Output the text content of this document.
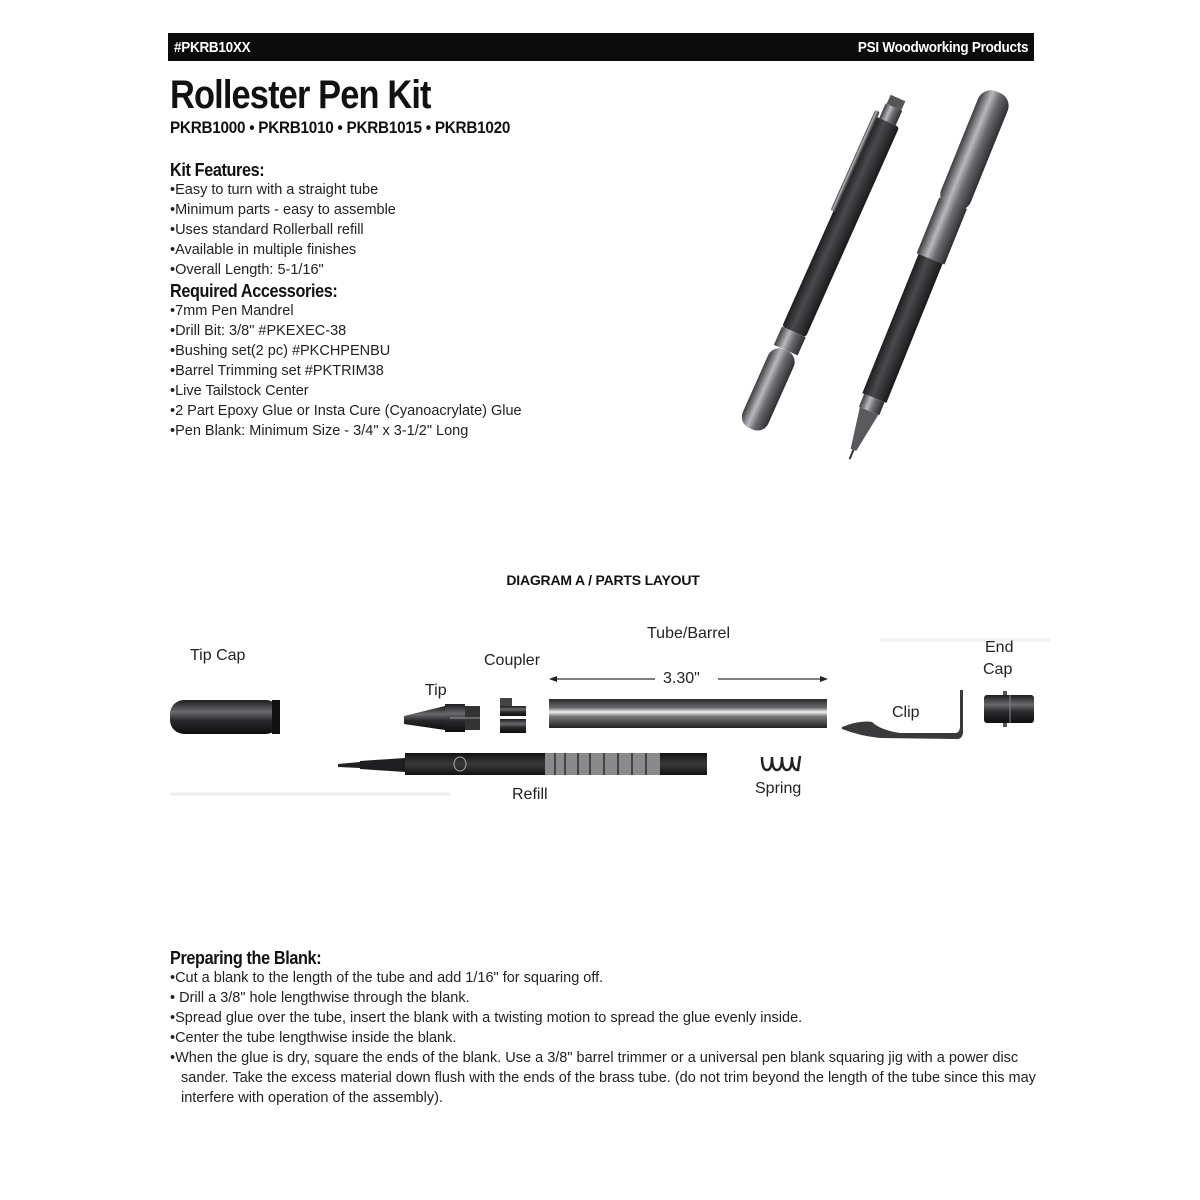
#PKRB10XX	PSI Woodworking Products
Rollester Pen Kit
PKRB1000 • PKRB1010 • PKRB1015 • PKRB1020
Kit Features:
• Easy to turn with a straight tube
• Minimum parts - easy to assemble
• Uses standard Rollerball refill
• Available in multiple finishes
• Overall Length: 5-1/16"
Required Accessories:
• 7mm Pen Mandrel
• Drill Bit: 3/8" #PKEXEC-38
• Bushing set(2 pc) #PKCHPENBU
• Barrel Trimming set #PKTRIM38
• Live Tailstock Center
• 2 Part Epoxy Glue or Insta Cure (Cyanoacrylate) Glue
• Pen Blank: Minimum Size - 3/4" x 3-1/2" Long
DIAGRAM A / PARTS LAYOUT
Tip Cap
Tip
Coupler
Tube/Barrel
3.30"
End
Cap
Clip
Refill	Spring
Preparing the Blank:
• Cut a blank to the length of the tube and add 1/16" for squaring off.
• Drill a 3/8" hole lengthwise through the blank.
• Spread glue over the tube, insert the blank with a twisting motion to spread the glue evenly inside.
• Center the tube lengthwise inside the blank.
• When the glue is dry, square the ends of the blank. Use a 3/8" barrel trimmer or a universal pen blank squaring jig with a power disc sander. Take the excess material down flush with the ends of the brass tube. (do not trim beyond the length of the tube since this may interfere with operation of the assembly).
